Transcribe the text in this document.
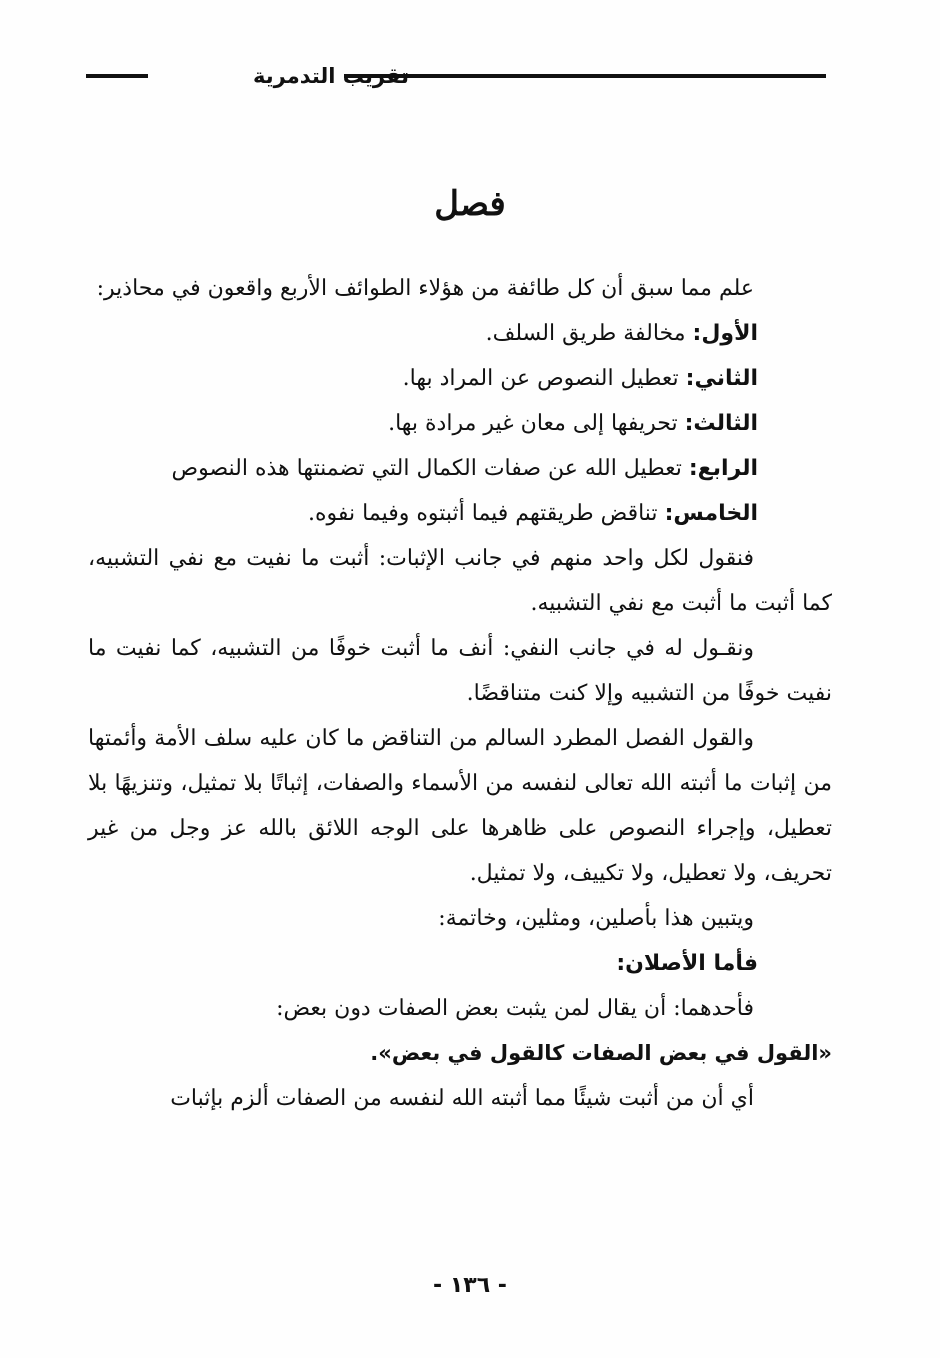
تقريب التدمرية
فصل

علم مما سبق أن كل طائفة من هؤلاء الطوائف الأربع واقعون في محاذير:

الأول: مخالفة طريق السلف.

الثاني: تعطيل النصوص عن المراد بها.

الثالث: تحريفها إلى معان غير مرادة بها.

الرابع: تعطيل الله عن صفات الكمال التي تضمنتها هذه النصوص

الخامس: تناقض طريقتهم فيما أثبتوه وفيما نفوه.

فنقول لكل واحد منهم في جانب الإثبات: أثبت ما نفيت مع نفي التشبيه، كما أثبت ما أثبت مع نفي التشبيه.

ونقـول له في جانب النفي: أنف ما أثبت خوفًا من التشبيه، كما نفيت ما نفيت خوفًا من التشبيه وإلا كنت متناقضًا.

والقول الفصل المطرد السالم من التناقض ما كان عليه سلف الأمة وأئمتها من إثبات ما أثبته الله تعالى لنفسه من الأسماء والصفات، إثباتًا بلا تمثيل، وتنزيهًا بلا تعطيل، وإجراء النصوص على ظاهرها على الوجه اللائق بالله عز وجل من غير تحريف، ولا تعطيل، ولا تكييف، ولا تمثيل.

ويتبين هذا بأصلين، ومثلين، وخاتمة:

فأما الأصلان:

فأحدهما: أن يقال لمن يثبت بعض الصفات دون بعض:

«القول في بعض الصفات كالقول في بعض».

أي أن من أثبت شيئًا مما أثبته الله لنفسه من الصفات ألزم بإثبات

- ١٣٦ -
